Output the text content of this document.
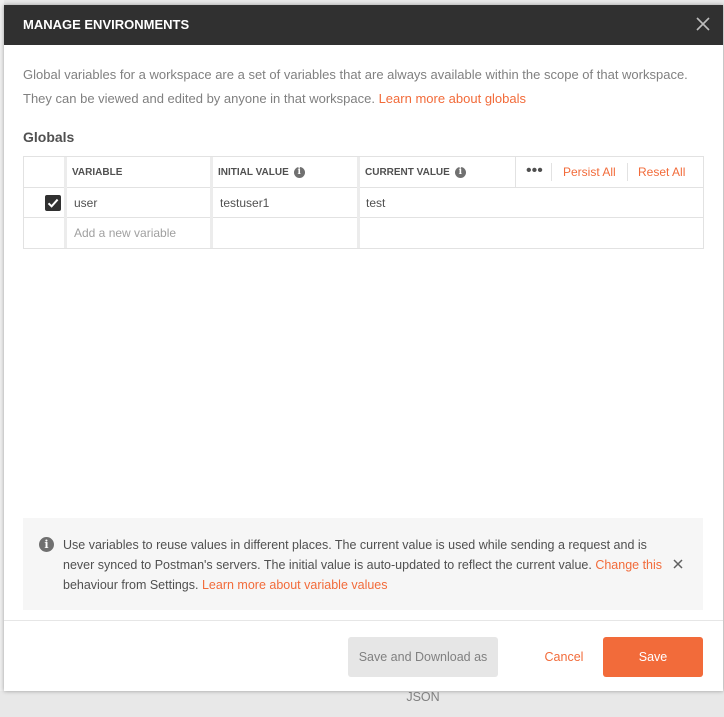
MANAGE ENVIRONMENTS
Global variables for a workspace are a set of variables that are always available within the scope of that workspace. They can be viewed and edited by anyone in that workspace. Learn more about globals
Globals
VARIABLE	INITIAL VALUE i	CURRENT VALUE i	••• Persist All Reset All
user	testuser1	test
Add a new variable
i	Use variables to reuse values in different places. The current value is used while sending a request and is never synced to Postman's servers. The initial value is auto-updated to reflect the current value. Change this behaviour from Settings. Learn more about variable values
Save and Download as JSON
Cancel	Save
